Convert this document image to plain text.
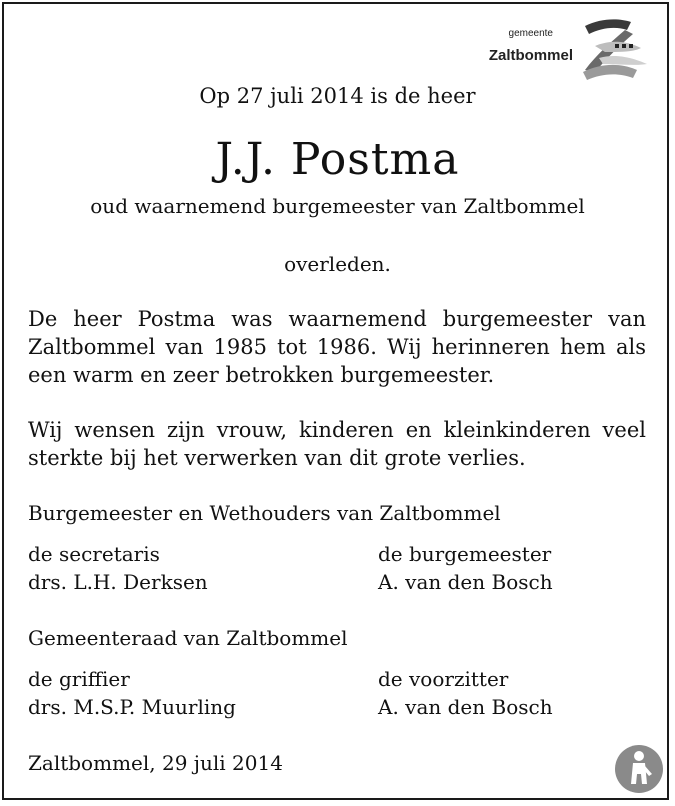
gemeente
Zaltbommel
Op 27 juli 2014 is de heer
J.J. Postma
oud waarnemend burgemeester van Zaltbommel
overleden.
De heer Postma was waarnemend burgemeester van Zaltbommel van 1985 tot 1986. Wij herinneren hem als een warm en zeer betrokken burgemeester.
Wij wensen zijn vrouw, kinderen en kleinkinderen veel sterkte bij het verwerken van dit grote verlies.
Burgemeester en Wethouders van Zaltbommel
de secretaris
drs. L.H. Derksen
de burgemeester
A. van den Bosch
Gemeenteraad van Zaltbommel
de griffier
drs. M.S.P. Muurling
de voorzitter
A. van den Bosch
Zaltbommel, 29 juli 2014
